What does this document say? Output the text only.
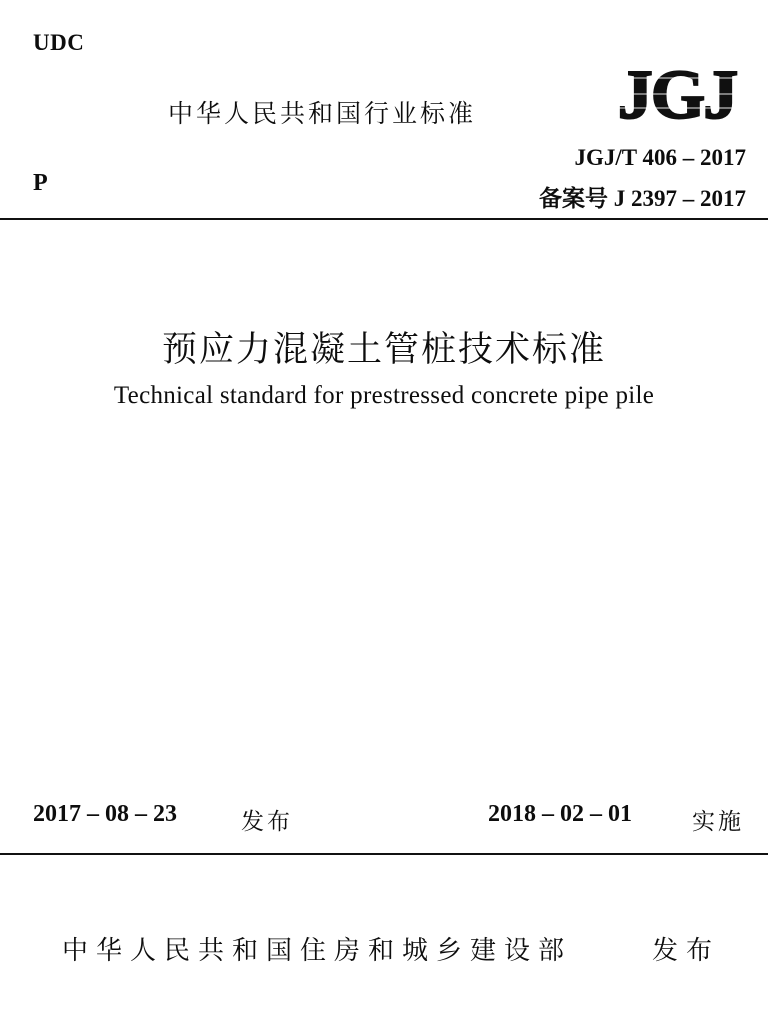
UDC
中华人民共和国行业标准 JGJ
P
JGJ/T 406 – 2017
备案号 J 2397 – 2017
预应力混凝土管桩技术标准
Technical standard for prestressed concrete pipe pile
2017 – 08 – 23	发布	2018 – 02 – 01	实施
中华人民共和国住房和城乡建设部	发布
